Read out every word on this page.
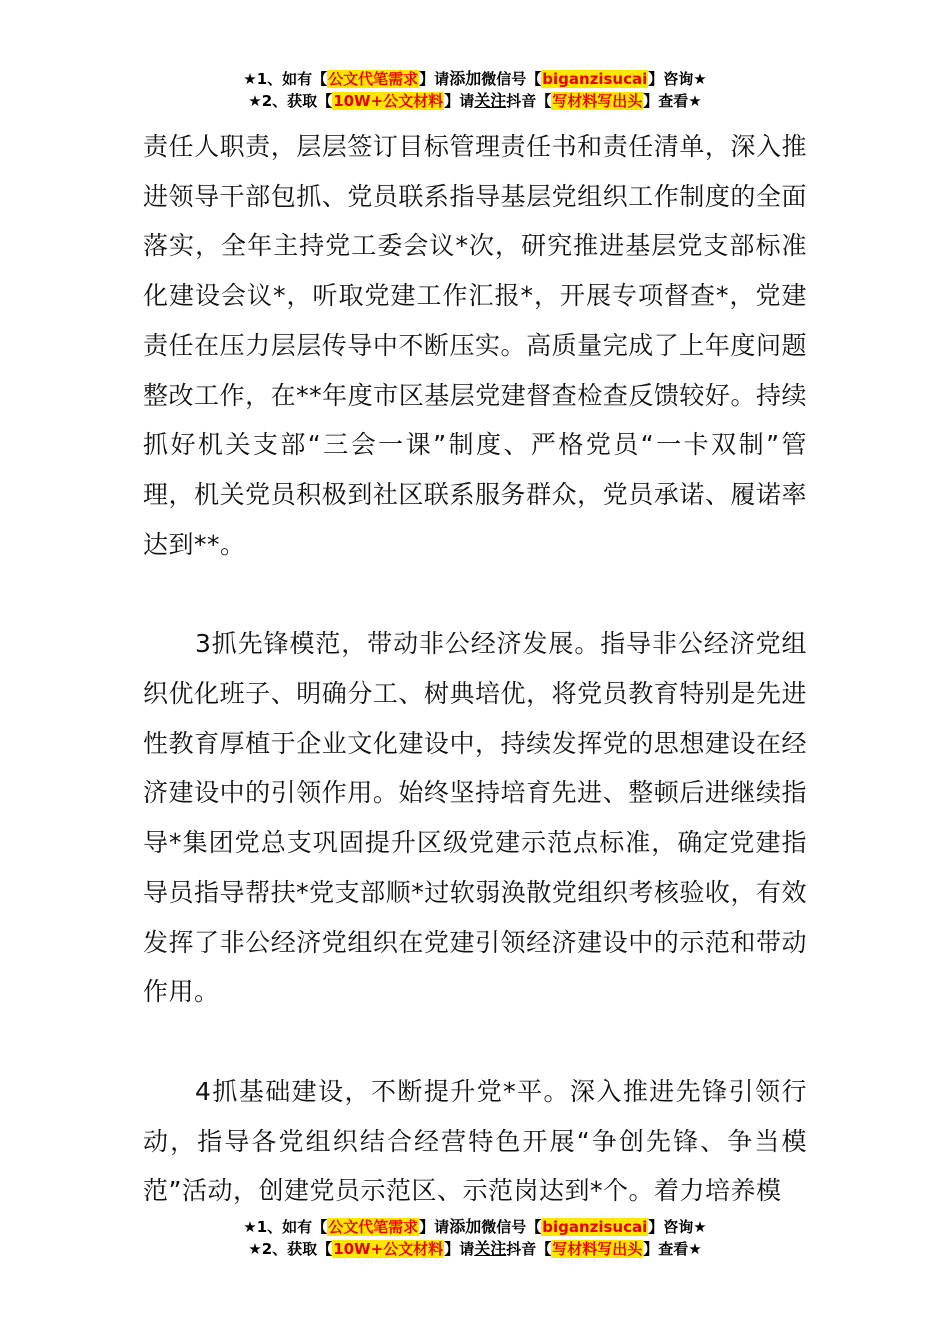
★1、如有【公文代笔需求】请添加微信号【biganzisucai】咨询★
★2、获取【10W+公文材料】请关注抖音【写材料写出头】查看★

责任人职责，层层签订目标管理责任书和责任清单，深入推进领导干部包抓、党员联系指导基层党组织工作制度的全面落实，全年主持党工委会议*次，研究推进基层党支部标准化建设会议*，听取党建工作汇报*，开展专项督查*，党建责任在压力层层传导中不断压实。高质量完成了上年度问题整改工作，在**年度市区基层党建督查检查反馈较好。持续抓好机关支部“三会一课”制度、严格党员“一卡双制”管理，机关党员积极到社区联系服务群众，党员承诺、履诺率达到**。

3抓先锋模范，带动非公经济发展。指导非公经济党组织优化班子、明确分工、树典培优，将党员教育特别是先进性教育厚植于企业文化建设中，持续发挥党的思想建设在经济建设中的引领作用。始终坚持培育先进、整顿后进继续指导*集团党总支巩固提升区级党建示范点标准，确定党建指导员指导帮扶*党支部顺*过软弱涣散党组织考核验收，有效发挥了非公经济党组织在党建引领经济建设中的示范和带动作用。

4抓基础建设，不断提升党*平。深入推进先锋引领行动，指导各党组织结合经营特色开展“争创先锋、争当模范”活动，创建党员示范区、示范岗达到*个。着力培养模

★1、如有【公文代笔需求】请添加微信号【biganzisucai】咨询★
★2、获取【10W+公文材料】请关注抖音【写材料写出头】查看★
